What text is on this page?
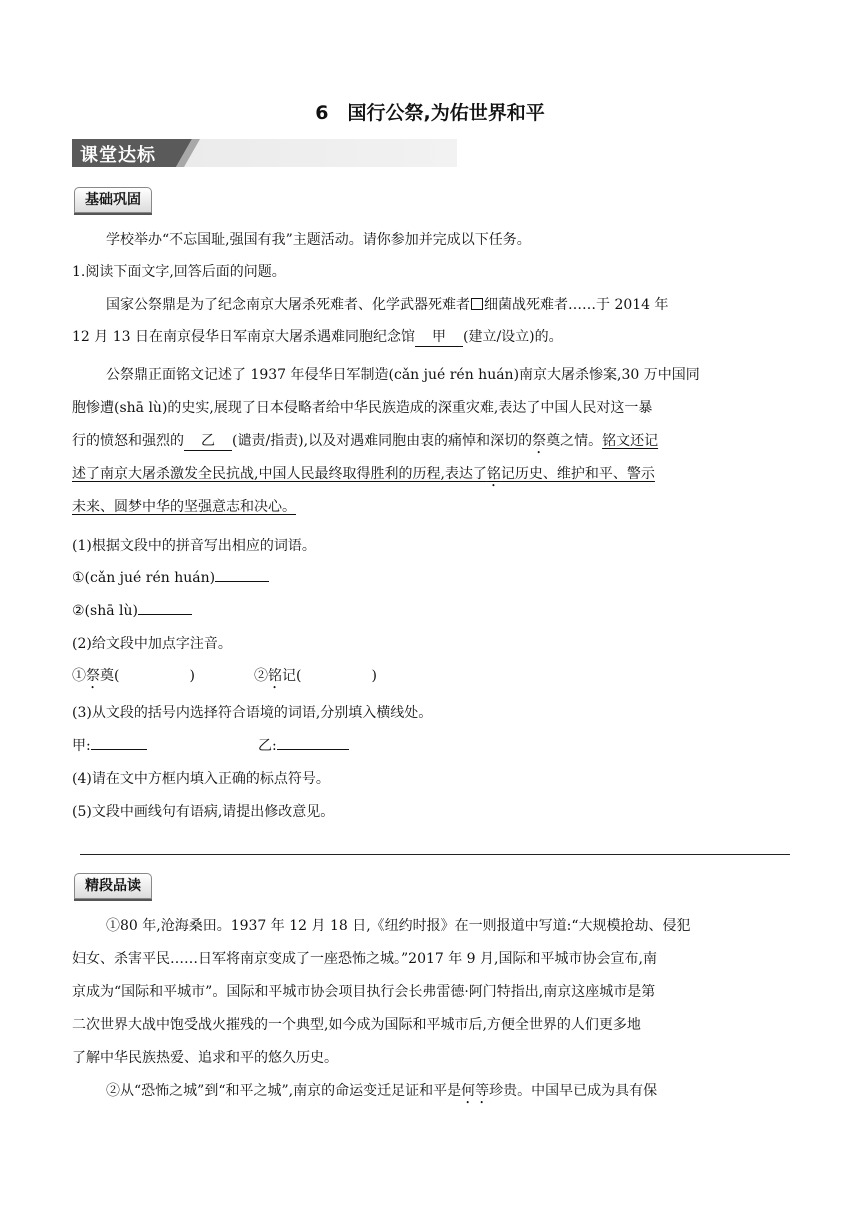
6　国行公祭,为佑世界和平
课堂达标
基础巩固
学校举办“不忘国耻,强国有我”主题活动。请你参加并完成以下任务。
1.阅读下面文字,回答后面的问题。
国家公祭鼎是为了纪念南京大屠杀死难者、化学武器死难者 细菌战死难者……于 2014 年
12 月 13 日在南京侵华日军南京大屠杀遇难同胞纪念馆 甲 (建立/设立)的。
公祭鼎正面铭文记述了 1937 年侵华日军制造(cǎn jué rén huán)南京大屠杀惨案,30 万中国同
胞惨遭(shā lù)的史实,展现了日本侵略者给中华民族造成的深重灾难,表达了中国人民对这一暴
行的愤怒和强烈的 乙 (谴责/指责),以及对遇难同胞由衷的痛悼和深切的祭奠之情。铭文还记
述了南京大屠杀激发全民抗战,中国人民最终取得胜利的历程,表达了铭记历史、维护和平、警示
未来、圆梦中华的坚强意志和决心。
(1)根据文段中的拼音写出相应的词语。
①(cǎn jué rén huán)
②(shā lù)
(2)给文段中加点字注音。
①祭奠(	)	②铭记(	)
(3)从文段的括号内选择符合语境的词语,分别填入横线处。
甲:	乙:
(4)请在文中方框内填入正确的标点符号。
(5)文段中画线句有语病,请提出修改意见。
精段品读
①80 年,沧海桑田。1937 年 12 月 18 日,《纽约时报》在一则报道中写道:“大规模抢劫、侵犯
妇女、杀害平民……日军将南京变成了一座恐怖之城。”2017 年 9 月,国际和平城市协会宣布,南
京成为“国际和平城市”。国际和平城市协会项目执行会长弗雷德·阿门特指出,南京这座城市是第
二次世界大战中饱受战火摧残的一个典型,如今成为国际和平城市后,方便全世界的人们更多地
了解中华民族热爱、追求和平的悠久历史。
②从“恐怖之城”到“和平之城”,南京的命运变迁足证和平是何等珍贵。中国早已成为具有保
